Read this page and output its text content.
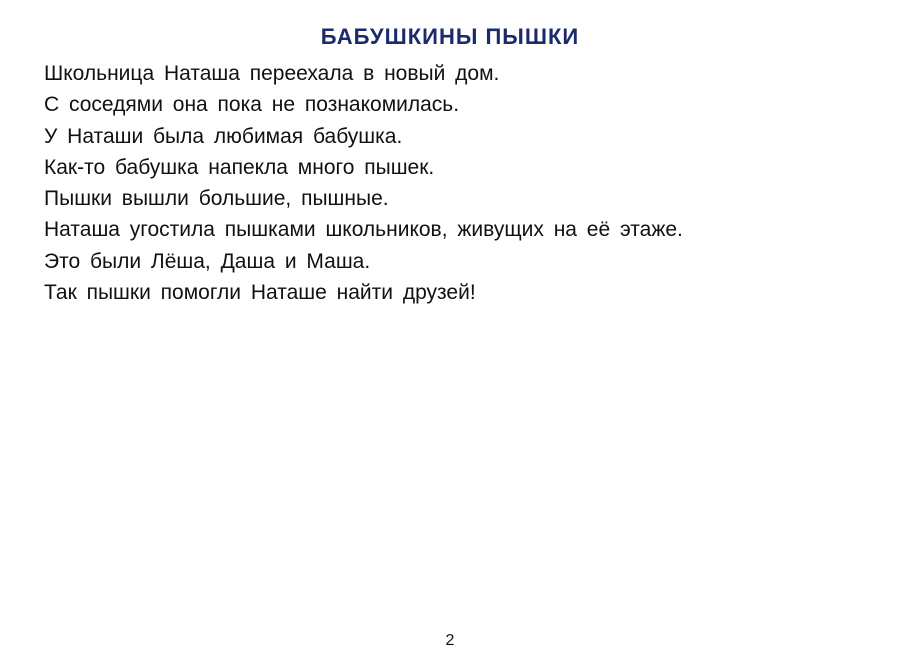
БАБУШКИНЫ ПЫШКИ
Школьница Наташа переехала в новый дом.
С соседями она пока не познакомилась.
У Наташи была любимая бабушка.
Как-то бабушка напекла много пышек.
Пышки вышли большие, пышные.
Наташа угостила пышками школьников, живущих на её этаже.
Это были Лёша, Даша и Маша.
Так пышки помогли Наташе найти друзей!
2
